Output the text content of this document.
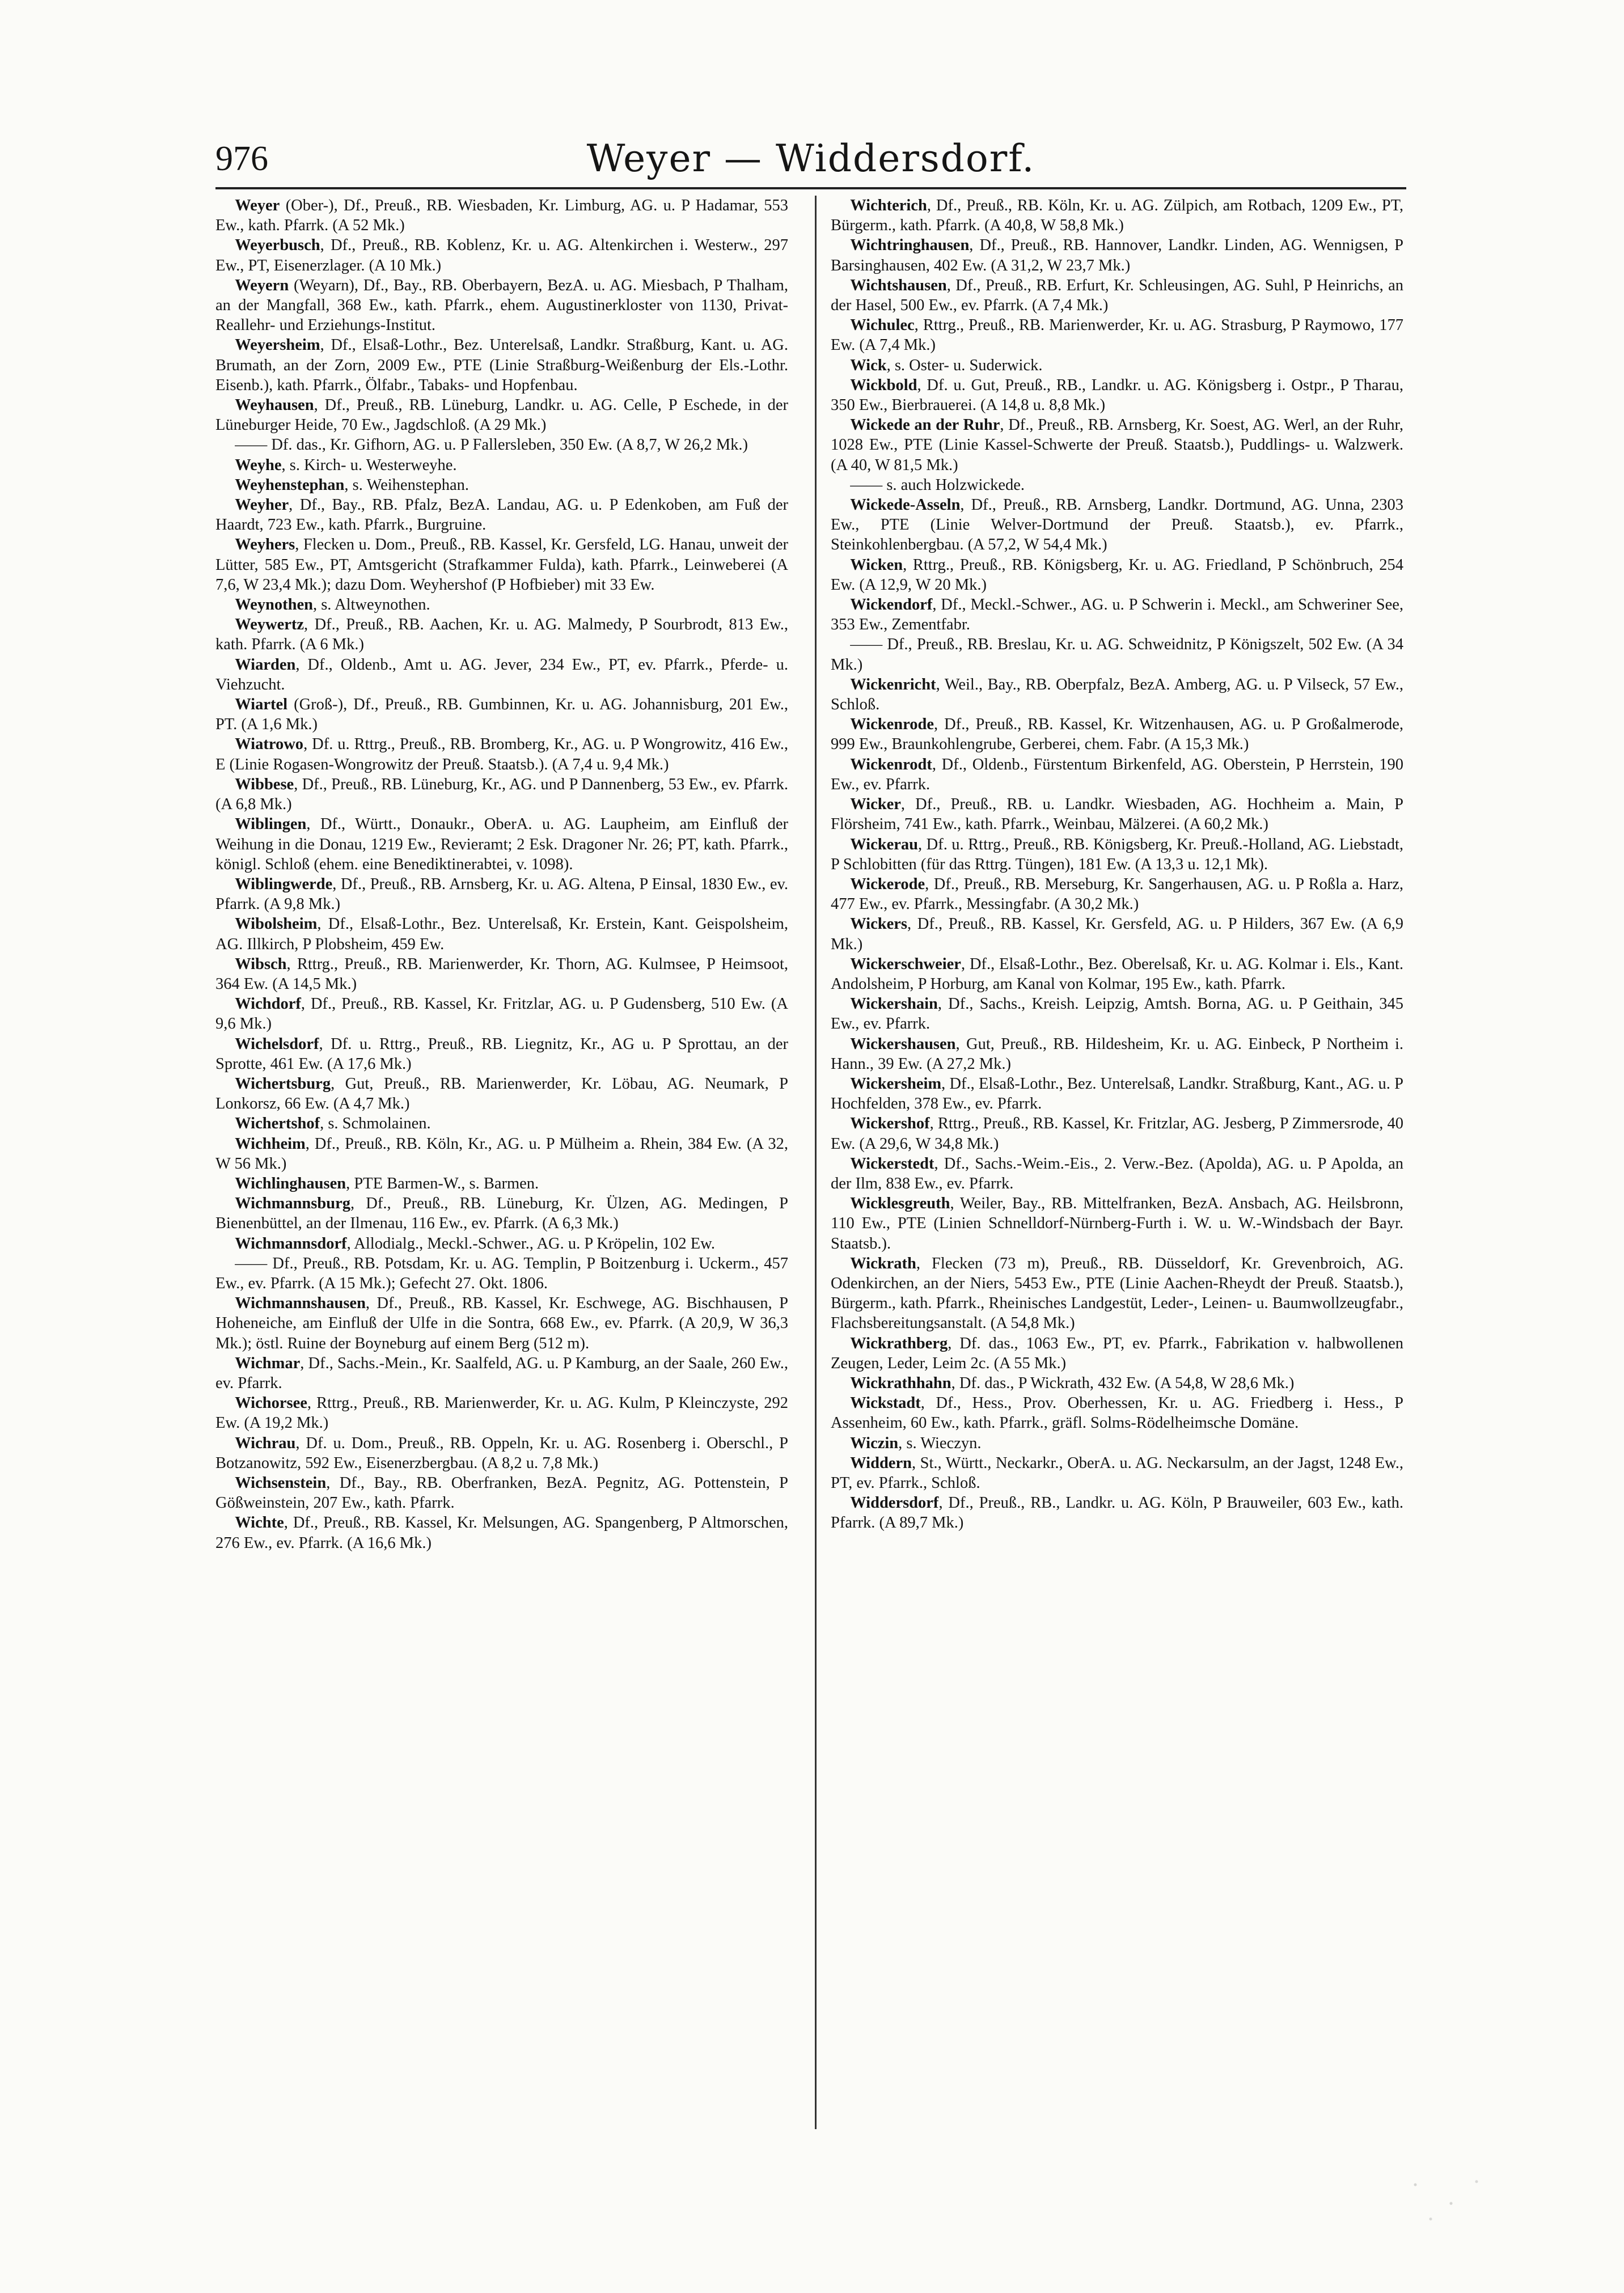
976	Weyer — Widdersdorf.

Weyer (Ober-), Df., Preuß., RB. Wiesbaden, Kr. Limburg, AG. u. P Hadamar, 553 Ew., kath. Pfarrk. (A 52 Mk.)

Weyerbusch, Df., Preuß., RB. Koblenz, Kr. u. AG. Altenkirchen i. Westerw., 297 Ew., PT, Eisenerzlager. (A 10 Mk.)

Weyern (Weyarn), Df., Bay., RB. Oberbayern, BezA. u. AG. Miesbach, P Thalham, an der Mangfall, 368 Ew., kath. Pfarrk., ehem. Augustinerkloster von 1130, Privat-Reallehr- und Erziehungs-Institut.

Weyersheim, Df., Elsaß-Lothr., Bez. Unterelsaß, Landkr. Straßburg, Kant. u. AG. Brumath, an der Zorn, 2009 Ew., PTE (Linie Straßburg-Weißenburg der Els.-Lothr. Eisenb.), kath. Pfarrk., Ölfabr., Tabaks- und Hopfenbau.

Weyhausen, Df., Preuß., RB. Lüneburg, Landkr. u. AG. Celle, P Eschede, in der Lüneburger Heide, 70 Ew., Jagdschloß. (A 29 Mk.)

—— Df. das., Kr. Gifhorn, AG. u. P Fallersleben, 350 Ew. (A 8,7, W 26,2 Mk.)

Weyhe, s. Kirch- u. Westerweyhe.

Weyhenstephan, s. Weihenstephan.

Weyher, Df., Bay., RB. Pfalz, BezA. Landau, AG. u. P Edenkoben, am Fuß der Haardt, 723 Ew., kath. Pfarrk., Burgruine.

Weyhers, Flecken u. Dom., Preuß., RB. Kassel, Kr. Gersfeld, LG. Hanau, unweit der Lütter, 585 Ew., PT, Amtsgericht (Strafkammer Fulda), kath. Pfarrk., Leinweberei (A 7,6, W 23,4 Mk.); dazu Dom. Weyhershof (P Hofbieber) mit 33 Ew.

Weynothen, s. Altweynothen.

Weywertz, Df., Preuß., RB. Aachen, Kr. u. AG. Malmedy, P Sourbrodt, 813 Ew., kath. Pfarrk. (A 6 Mk.)

Wiarden, Df., Oldenb., Amt u. AG. Jever, 234 Ew., PT, ev. Pfarrk., Pferde- u. Viehzucht.

Wiartel (Groß-), Df., Preuß., RB. Gumbinnen, Kr. u. AG. Johannisburg, 201 Ew., PT. (A 1,6 Mk.)

Wiatrowo, Df. u. Rttrg., Preuß., RB. Bromberg, Kr., AG. u. P Wongrowitz, 416 Ew., E (Linie Rogasen-Wongrowitz der Preuß. Staatsb.). (A 7,4 u. 9,4 Mk.)

Wibbese, Df., Preuß., RB. Lüneburg, Kr., AG. und P Dannenberg, 53 Ew., ev. Pfarrk. (A 6,8 Mk.)

Wiblingen, Df., Württ., Donaukr., OberA. u. AG. Laupheim, am Einfluß der Weihung in die Donau, 1219 Ew., Revieramt; 2 Esk. Dragoner Nr. 26; PT, kath. Pfarrk., königl. Schloß (ehem. eine Benediktinerabtei, v. 1098).

Wiblingwerde, Df., Preuß., RB. Arnsberg, Kr. u. AG. Altena, P Einsal, 1830 Ew., ev. Pfarrk. (A 9,8 Mk.)

Wibolsheim, Df., Elsaß-Lothr., Bez. Unterelsaß, Kr. Erstein, Kant. Geispolsheim, AG. Illkirch, P Plobsheim, 459 Ew.

Wibsch, Rttrg., Preuß., RB. Marienwerder, Kr. Thorn, AG. Kulmsee, P Heimsoot, 364 Ew. (A 14,5 Mk.)

Wichdorf, Df., Preuß., RB. Kassel, Kr. Fritzlar, AG. u. P Gudensberg, 510 Ew. (A 9,6 Mk.)

Wichelsdorf, Df. u. Rttrg., Preuß., RB. Liegnitz, Kr., AG u. P Sprottau, an der Sprotte, 461 Ew. (A 17,6 Mk.)

Wichertsburg, Gut, Preuß., RB. Marienwerder, Kr. Löbau, AG. Neumark, P Lonkorsz, 66 Ew. (A 4,7 Mk.)

Wichertshof, s. Schmolainen.

Wichheim, Df., Preuß., RB. Köln, Kr., AG. u. P Mülheim a. Rhein, 384 Ew. (A 32, W 56 Mk.)

Wichlinghausen, PTE Barmen-W., s. Barmen.

Wichmannsburg, Df., Preuß., RB. Lüneburg, Kr. Ülzen, AG. Medingen, P Bienenbüttel, an der Ilmenau, 116 Ew., ev. Pfarrk. (A 6,3 Mk.)

Wichmannsdorf, Allodialg., Meckl.-Schwer., AG. u. P Kröpelin, 102 Ew.

—— Df., Preuß., RB. Potsdam, Kr. u. AG. Templin, P Boitzenburg i. Uckerm., 457 Ew., ev. Pfarrk. (A 15 Mk.); Gefecht 27. Okt. 1806.

Wichmannshausen, Df., Preuß., RB. Kassel, Kr. Eschwege, AG. Bischhausen, P Hoheneiche, am Einfluß der Ulfe in die Sontra, 668 Ew., ev. Pfarrk. (A 20,9, W 36,3 Mk.); östl. Ruine der Boyneburg auf einem Berg (512 m).

Wichmar, Df., Sachs.-Mein., Kr. Saalfeld, AG. u. P Kamburg, an der Saale, 260 Ew., ev. Pfarrk.

Wichorsee, Rttrg., Preuß., RB. Marienwerder, Kr. u. AG. Kulm, P Kleinczyste, 292 Ew. (A 19,2 Mk.)

Wichrau, Df. u. Dom., Preuß., RB. Oppeln, Kr. u. AG. Rosenberg i. Oberschl., P Botzanowitz, 592 Ew., Eisenerzbergbau. (A 8,2 u. 7,8 Mk.)

Wichsenstein, Df., Bay., RB. Oberfranken, BezA. Pegnitz, AG. Pottenstein, P Gößweinstein, 207 Ew., kath. Pfarrk.

Wichte, Df., Preuß., RB. Kassel, Kr. Melsungen, AG. Spangenberg, P Altmorschen, 276 Ew., ev. Pfarrk. (A 16,6 Mk.)

Wichterich, Df., Preuß., RB. Köln, Kr. u. AG. Zülpich, am Rotbach, 1209 Ew., PT, Bürgerm., kath. Pfarrk. (A 40,8, W 58,8 Mk.)

Wichtringhausen, Df., Preuß., RB. Hannover, Landkr. Linden, AG. Wennigsen, P Barsinghausen, 402 Ew. (A 31,2, W 23,7 Mk.)

Wichtshausen, Df., Preuß., RB. Erfurt, Kr. Schleusingen, AG. Suhl, P Heinrichs, an der Hasel, 500 Ew., ev. Pfarrk. (A 7,4 Mk.)

Wichulec, Rttrg., Preuß., RB. Marienwerder, Kr. u. AG. Strasburg, P Raymowo, 177 Ew. (A 7,4 Mk.)

Wick, s. Oster- u. Suderwick.

Wickbold, Df. u. Gut, Preuß., RB., Landkr. u. AG. Königsberg i. Ostpr., P Tharau, 350 Ew., Bierbrauerei. (A 14,8 u. 8,8 Mk.)

Wickede an der Ruhr, Df., Preuß., RB. Arnsberg, Kr. Soest, AG. Werl, an der Ruhr, 1028 Ew., PTE (Linie Kassel-Schwerte der Preuß. Staatsb.), Puddlings- u. Walzwerk. (A 40, W 81,5 Mk.)

—— s. auch Holzwickede.

Wickede-Asseln, Df., Preuß., RB. Arnsberg, Landkr. Dortmund, AG. Unna, 2303 Ew., PTE (Linie Welver-Dortmund der Preuß. Staatsb.), ev. Pfarrk., Steinkohlenbergbau. (A 57,2, W 54,4 Mk.)

Wicken, Rttrg., Preuß., RB. Königsberg, Kr. u. AG. Friedland, P Schönbruch, 254 Ew. (A 12,9, W 20 Mk.)

Wickendorf, Df., Meckl.-Schwer., AG. u. P Schwerin i. Meckl., am Schweriner See, 353 Ew., Zementfabr.

—— Df., Preuß., RB. Breslau, Kr. u. AG. Schweidnitz, P Königszelt, 502 Ew. (A 34 Mk.)

Wickenricht, Weil., Bay., RB. Oberpfalz, BezA. Amberg, AG. u. P Vilseck, 57 Ew., Schloß.

Wickenrode, Df., Preuß., RB. Kassel, Kr. Witzenhausen, AG. u. P Großalmerode, 999 Ew., Braunkohlengrube, Gerberei, chem. Fabr. (A 15,3 Mk.)

Wickenrodt, Df., Oldenb., Fürstentum Birkenfeld, AG. Oberstein, P Herrstein, 190 Ew., ev. Pfarrk.

Wicker, Df., Preuß., RB. u. Landkr. Wiesbaden, AG. Hochheim a. Main, P Flörsheim, 741 Ew., kath. Pfarrk., Weinbau, Mälzerei. (A 60,2 Mk.)

Wickerau, Df. u. Rttrg., Preuß., RB. Königsberg, Kr. Preuß.-Holland, AG. Liebstadt, P Schlobitten (für das Rttrg. Tüngen), 181 Ew. (A 13,3 u. 12,1 Mk).

Wickerode, Df., Preuß., RB. Merseburg, Kr. Sangerhausen, AG. u. P Roßla a. Harz, 477 Ew., ev. Pfarrk., Messingfabr. (A 30,2 Mk.)

Wickers, Df., Preuß., RB. Kassel, Kr. Gersfeld, AG. u. P Hilders, 367 Ew. (A 6,9 Mk.)

Wickerschweier, Df., Elsaß-Lothr., Bez. Oberelsaß, Kr. u. AG. Kolmar i. Els., Kant. Andolsheim, P Horburg, am Kanal von Kolmar, 195 Ew., kath. Pfarrk.

Wickershain, Df., Sachs., Kreish. Leipzig, Amtsh. Borna, AG. u. P Geithain, 345 Ew., ev. Pfarrk.

Wickershausen, Gut, Preuß., RB. Hildesheim, Kr. u. AG. Einbeck, P Northeim i. Hann., 39 Ew. (A 27,2 Mk.)

Wickersheim, Df., Elsaß-Lothr., Bez. Unterelsaß, Landkr. Straßburg, Kant., AG. u. P Hochfelden, 378 Ew., ev. Pfarrk.

Wickershof, Rttrg., Preuß., RB. Kassel, Kr. Fritzlar, AG. Jesberg, P Zimmersrode, 40 Ew. (A 29,6, W 34,8 Mk.)

Wickerstedt, Df., Sachs.-Weim.-Eis., 2. Verw.-Bez. (Apolda), AG. u. P Apolda, an der Ilm, 838 Ew., ev. Pfarrk.

Wicklesgreuth, Weiler, Bay., RB. Mittelfranken, BezA. Ansbach, AG. Heilsbronn, 110 Ew., PTE (Linien Schnelldorf-Nürnberg-Furth i. W. u. W.-Windsbach der Bayr. Staatsb.).

Wickrath, Flecken (73 m), Preuß., RB. Düsseldorf, Kr. Grevenbroich, AG. Odenkirchen, an der Niers, 5453 Ew., PTE (Linie Aachen-Rheydt der Preuß. Staatsb.), Bürgerm., kath. Pfarrk., Rheinisches Landgestüt, Leder-, Leinen- u. Baumwollzeugfabr., Flachsbereitungsanstalt. (A 54,8 Mk.)

Wickrathberg, Df. das., 1063 Ew., PT, ev. Pfarrk., Fabrikation v. halbwollenen Zeugen, Leder, Leim 2c. (A 55 Mk.)

Wickrathhahn, Df. das., P Wickrath, 432 Ew. (A 54,8, W 28,6 Mk.)

Wickstadt, Df., Hess., Prov. Oberhessen, Kr. u. AG. Friedberg i. Hess., P Assenheim, 60 Ew., kath. Pfarrk., gräfl. Solms-Rödelheimsche Domäne.

Wiczin, s. Wieczyn.

Widdern, St., Württ., Neckarkr., OberA. u. AG. Neckarsulm, an der Jagst, 1248 Ew., PT, ev. Pfarrk., Schloß.

Widdersdorf, Df., Preuß., RB., Landkr. u. AG. Köln, P Brauweiler, 603 Ew., kath. Pfarrk. (A 89,7 Mk.)
